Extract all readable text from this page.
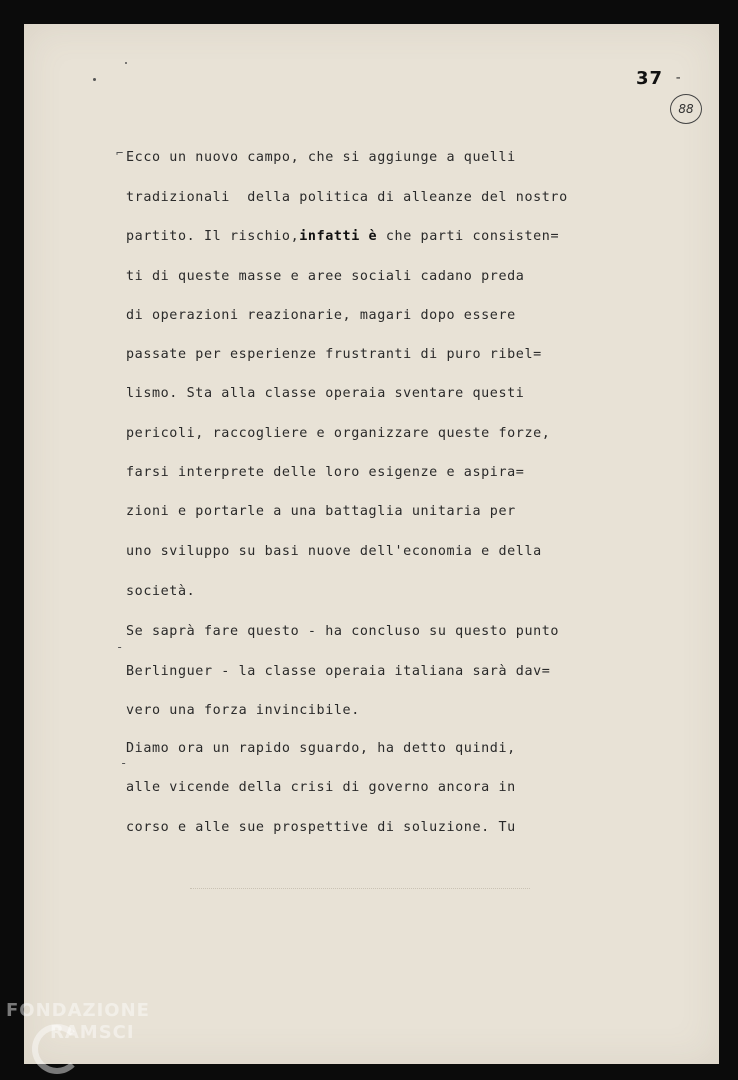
37 -
88
⌐
-
-
Ecco un nuovo campo, che si aggiunge a quelli
tradizionali  della politica di alleanze del nostro
partito. Il rischio,infatti è che parti consisten=
ti di queste masse e aree sociali cadano preda
di operazioni reazionarie, magari dopo essere
passate per esperienze frustranti di puro ribel=
lismo. Sta alla classe operaia sventare questi
pericoli, raccogliere e organizzare queste forze,
farsi interprete delle loro esigenze e aspira=
zioni e portarle a una battaglia unitaria per
uno sviluppo su basi nuove dell'economia e della
società.
Se saprà fare questo - ha concluso su questo punto
Berlinguer - la classe operaia italiana sarà dav=
vero una forza invincibile.
Diamo ora un rapido sguardo, ha detto quindi,
alle vicende della crisi di governo ancora in
corso e alle sue prospettive di soluzione. Tu
FONDAZIONE
RAMSCI
